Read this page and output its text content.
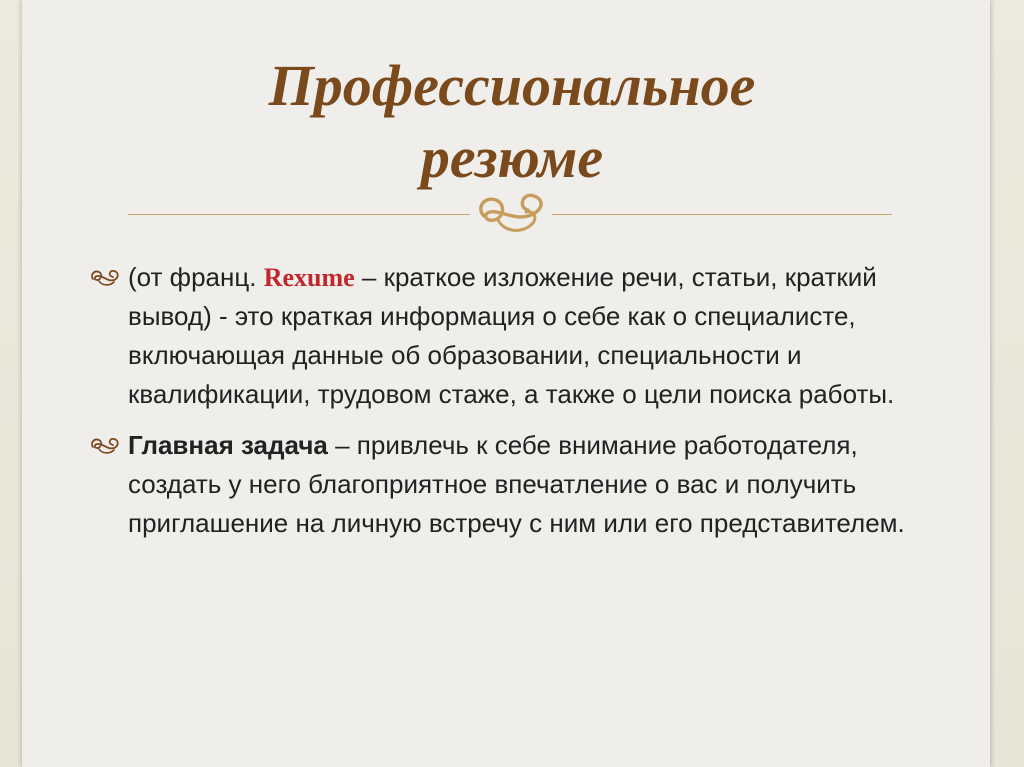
Профессиональное
резюме
(от франц. Rexume – краткое изложение речи, статьи, краткий вывод) - это краткая информация о себе как о специалисте, включающая данные об образовании, специальности и квалификации, трудовом стаже, а также о цели поиска работы.
Главная задача – привлечь к себе внимание работодателя, создать у него благоприятное впечатление о вас и получить приглашение на личную встречу с ним или его представителем.
